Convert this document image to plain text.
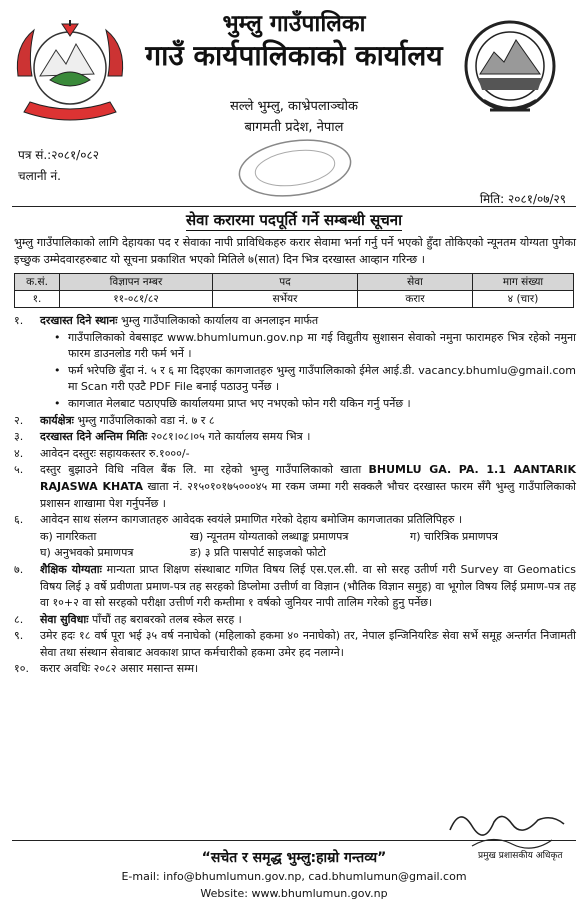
भुम्लु गाउँपालिका
गाउँ कार्यपालिकाको कार्यालय
सल्ले भुम्लु, काभ्रेपलाञ्चोक
बागमती प्रदेश, नेपाल
पत्र सं.:२०८१/०८२
चलानी नं.
मिति: २०८१/०७/२९
सेवा करारमा पदपूर्ति गर्ने सम्बन्धी सूचना
भुम्लु गाउँपालिकाको लागि देहायका पद र सेवाका नापी प्राविधिकहरु करार सेवामा भर्ना गर्नु पर्ने भएको हुँदा तोकिएको न्यूनतम योग्यता पुगेका इच्छुक उम्मेदवारहरुबाट यो सूचना प्रकाशित भएको मितिले ७(सात) दिन भित्र दरखास्त आव्हान गरिन्छ ।
क.सं.	विज्ञापन नम्बर	पद	सेवा	माग संख्या
१.	११-०८१/८२	सर्भेयर	करार	४ (चार)
१.	दरखास्त दिने स्थानः भुम्लु गाउँपालिकाको कार्यालय वा अनलाइन मार्फत
• गाउँपालिकाको वेबसाइट www.bhumlumun.gov.np मा गई विद्युतीय सुशासन सेवाको नमुना फारामहरु भित्र रहेको नमुना फारम डाउनलोड गरी फर्म भर्ने ।
• फर्म भरेपछि बुँदा नं. ५ र ६ मा दिइएका कागजातहरु भुम्लु गाउँपालिकाको ईमेल आई.डी. vacancy.bhumlu@gmail.com मा Scan गरी एउटै PDF File बनाई पठाउनु पर्नेछ ।
• कागजात मेलबाट पठाएपछि कार्यालयमा प्राप्त भए नभएको फोन गरी यकिन गर्नु पर्नेछ ।
२.	कार्यक्षेत्रः भुम्लु गाउँपालिकाको वडा नं. ७ र ८
३.	दरखास्त दिने अन्तिम मितिः २०८१।०८।०५ गते कार्यालय समय भित्र ।
४.	आवेदन दस्तुरः सहायकस्तर रु.१०००/-
५.	दस्तुर बुझाउने विधि नविल बैंक लि. मा रहेको भुम्लु गाउँपालिकाको खाता BHUMLU GA. PA. 1.1 AANTARIK RAJASWA KHATA खाता नं. २१५०१०१७५०००४५ मा रकम जम्मा गरी सक्कलै भौचर दरखास्त फारम सँगै भुम्लु गाउँपालिकाको प्रशासन शाखामा पेश गर्नुपर्नेछ ।
६.	आवेदन साथ संलग्न कागजातहरु आवेदक स्वयंले प्रमाणित गरेको देहाय बमोजिम कागजातका प्रतिलिपिहरु ।
क) नागरिकता	ख) न्यूनतम योग्यताको लब्धाङ्क प्रमाणपत्र	ग) चारित्रिक प्रमाणपत्र
घ) अनुभवको प्रमाणपत्र	ङ) ३ प्रति पासपोर्ट साइजको फोटो
७.	शैक्षिक योग्यताः मान्यता प्राप्त शिक्षण संस्थाबाट गणित विषय लिई एस.एल.सी. वा सो सरह उतीर्ण गरी Survey वा Geomatics विषय लिई ३ वर्षे प्रवीणता प्रमाण-पत्र तह सरहको डिप्लोमा उत्तीर्ण वा विज्ञान (भौतिक विज्ञान समुह) वा भूगोल विषय लिई प्रमाण-पत्र तह वा १०+२ वा सो सरहको परीक्षा उत्तीर्ण गरी कम्तीमा १ वर्षको जुनियर नापी तालिम गरेको हुनु पर्नेछ।
८.	सेवा सुविधाः पाँचौं तह बराबरको तलब स्केल सरह ।
९.	उमेर हदः १८ वर्ष पूरा भई ३५ वर्ष ननाघेको (महिलाको हकमा ४० ननाघेको) तर, नेपाल इन्जिनियरिङ सेवा सर्भे समूह अन्तर्गत निजामती सेवा तथा संस्थान सेवाबाट अवकाश प्राप्त कर्मचारीको हकमा उमेर हद नलाग्ने।
१०.	करार अवधिः २०८२ असार मसान्त सम्म।
प्रमुख प्रशासकीय अधिकृत
“सचेत र समृद्ध भुम्लु:हाम्रो गन्तव्य”
E-mail: info@bhumlumun.gov.np, cad.bhumlumun@gmail.com
Website: www.bhumlumun.gov.np
